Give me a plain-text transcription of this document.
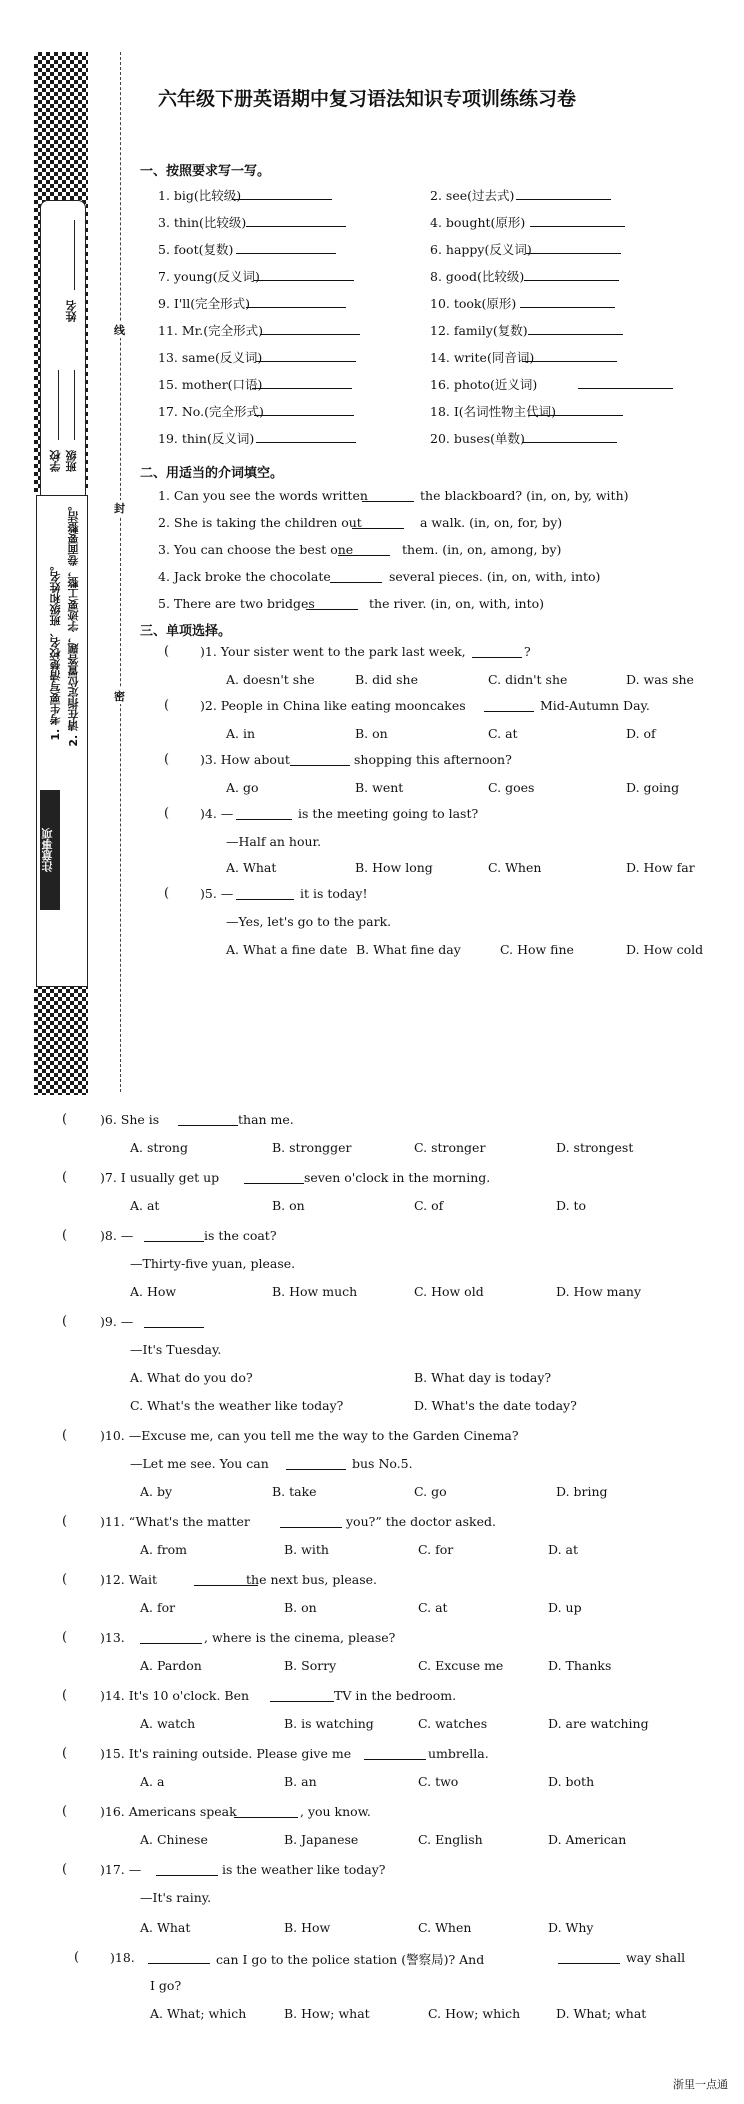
学校 班级
姓名
1. 考生要写清楚校名、班级和姓名。 2. 请在指定位置答题，字迹要工整，卷面要整洁。
注意事项
线
封
密
六年级下册英语期中复习语法知识专项训练练习卷
一、按照要求写一写。
二、用适当的介词填空。
三、单项选择。
浙里一点通
1. big(比较级)	2. see(过去式)
3. thin(比较级)	4. bought(原形)
5. foot(复数)	6. happy(反义词)
7. young(反义词)	8. good(比较级)
9. I'll(完全形式)	10. took(原形)
11. Mr.(完全形式)	12. family(复数)
13. same(反义词)	14. write(同音词)
15. mother(口语)	16. photo(近义词)
17. No.(完全形式)	18. I(名词性物主代词)
19. thin(反义词)	20. buses(单数)
1. Can you see the words written	the blackboard? (in, on, by, with)
2. She is taking the children out	a walk. (in, on, for, by)
3. You can choose the best one	them. (in, on, among, by)
4. Jack broke the chocolate	several pieces. (in, on, with, into)
5. There are two bridges	the river. (in, on, with, into)
( )1. Your sister went to the park last week,	?
A. doesn't she	B. did she	C. didn't she	D. was she
( )2. People in China like eating mooncakes	Mid-Autumn Day.
A. in	B. on	C. at	D. of
( )3. How about	shopping this afternoon?
A. go	B. went	C. goes	D. going
( )4. —	is the meeting going to last?
—Half an hour.
A. What	B. How long	C. When	D. How far
( )5. —	it is today!
—Yes, let's go to the park.
A. What a fine date B. What fine day	C. How fine	D. How cold
(	)6. She is	than me.
A. strong	B. strongger	C. stronger	D. strongest
(	)7. I usually get up	seven o'clock in the morning.
A. at	B. on	C. of	D. to
(	)8. —	is the coat?
—Thirty-five yuan, please.
A. How	B. How much	C. How old	D. How many
(	)9. —
—It's Tuesday.
A. What do you do?	B. What day is today?
C. What's the weather like today?	D. What's the date today?
(	)10. —Excuse me, can you tell me the way to the Garden Cinema?
—Let me see. You can	bus No.5.
A. by	B. take	C. go	D. bring
(	)11. “What's the matter	you?” the doctor asked.
A. from	B. with	C. for	D. at
(	)12. Wait	the next bus, please.
A. for	B. on	C. at	D. up
(	)13.	, where is the cinema, please?
A. Pardon	B. Sorry	C. Excuse me	D. Thanks
(	)14. It's 10 o'clock. Ben	TV in the bedroom.
A. watch	B. is watching	C. watches	D. are watching
(	)15. It's raining outside. Please give me	umbrella.
A. a	B. an	C. two	D. both
(	)16. Americans speak	, you know.
A. Chinese	B. Japanese	C. English	D. American
(	)17. —	is the weather like today?
—It's rainy.
A. What	B. How	C. When	D. Why
( )18.	can I go to the police station (警察局)? And	way shall
I go?
A. What; which	B. How; what	C. How; which	D. What; what
